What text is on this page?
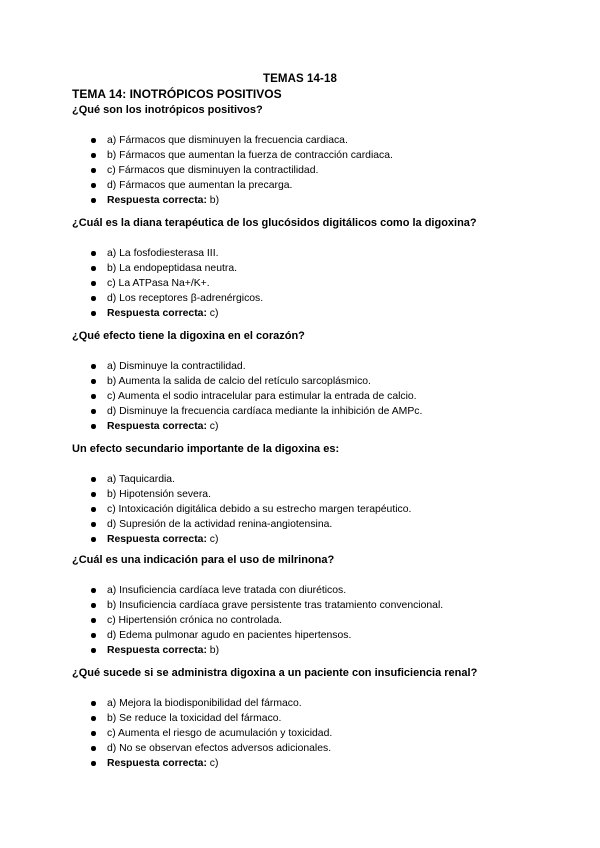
TEMAS 14-18
TEMA 14: INOTRÓPICOS POSITIVOS

¿Qué son los inotrópicos positivos?

a) Fármacos que disminuyen la frecuencia cardiaca.
b) Fármacos que aumentan la fuerza de contracción cardiaca.
c) Fármacos que disminuyen la contractilidad.
d) Fármacos que aumentan la precarga.
Respuesta correcta: b)

¿Cuál es la diana terapéutica de los glucósidos digitálicos como la digoxina?

a) La fosfodiesterasa III.
b) La endopeptidasa neutra.
c) La ATPasa Na+/K+.
d) Los receptores β-adrenérgicos.
Respuesta correcta: c)

¿Qué efecto tiene la digoxina en el corazón?

a) Disminuye la contractilidad.
b) Aumenta la salida de calcio del retículo sarcoplásmico.
c) Aumenta el sodio intracelular para estimular la entrada de calcio.
d) Disminuye la frecuencia cardíaca mediante la inhibición de AMPc.
Respuesta correcta: c)

Un efecto secundario importante de la digoxina es:

a) Taquicardia.
b) Hipotensión severa.
c) Intoxicación digitálica debido a su estrecho margen terapéutico.
d) Supresión de la actividad renina-angiotensina.
Respuesta correcta: c)

¿Cuál es una indicación para el uso de milrinona?

a) Insuficiencia cardíaca leve tratada con diuréticos.
b) Insuficiencia cardíaca grave persistente tras tratamiento convencional.
c) Hipertensión crónica no controlada.
d) Edema pulmonar agudo en pacientes hipertensos.
Respuesta correcta: b)

¿Qué sucede si se administra digoxina a un paciente con insuficiencia renal?

a) Mejora la biodisponibilidad del fármaco.
b) Se reduce la toxicidad del fármaco.
c) Aumenta el riesgo de acumulación y toxicidad.
d) No se observan efectos adversos adicionales.
Respuesta correcta: c)
